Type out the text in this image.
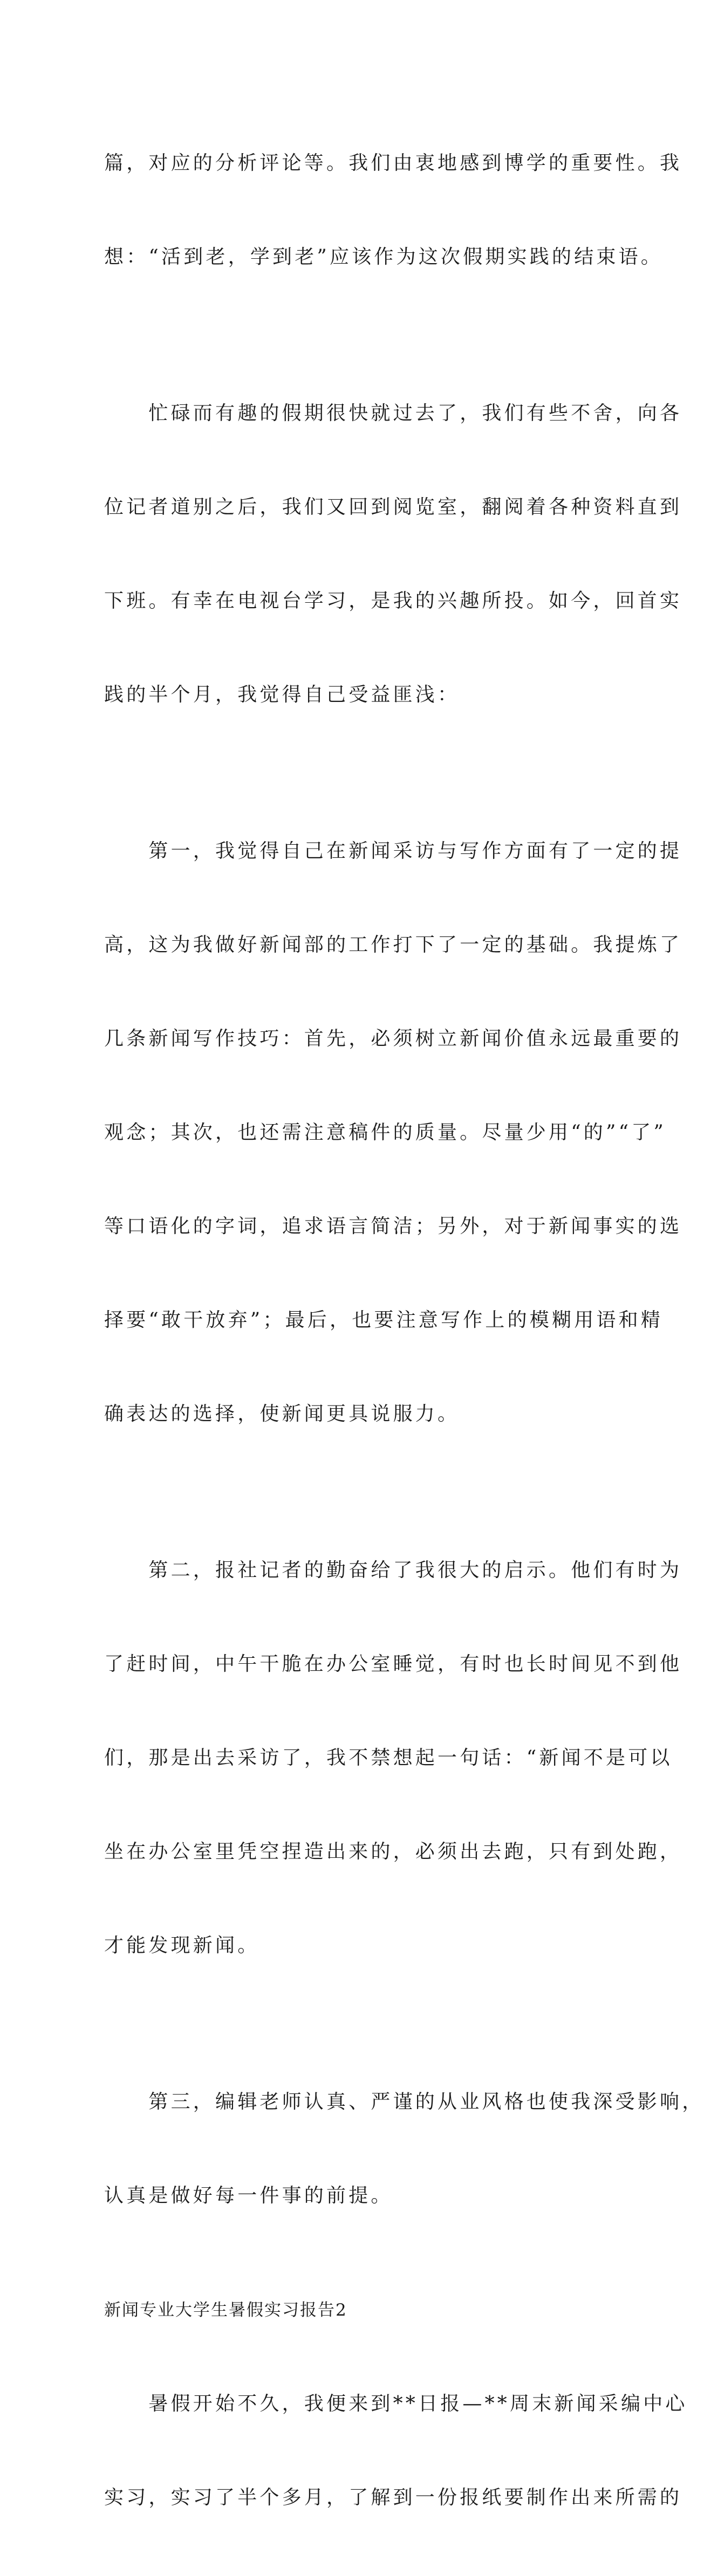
篇，对应的分析评论等。我们由衷地感到博学的重要性。我

想：“活到老，学到老”应该作为这次假期实践的结束语。

　　忙碌而有趣的假期很快就过去了，我们有些不舍，向各

位记者道别之后，我们又回到阅览室，翻阅着各种资料直到

下班。有幸在电视台学习，是我的兴趣所投。如今，回首实

践的半个月，我觉得自己受益匪浅：

　　第一，我觉得自己在新闻采访与写作方面有了一定的提

高，这为我做好新闻部的工作打下了一定的基础。我提炼了

几条新闻写作技巧：首先，必须树立新闻价值永远最重要的

观念；其次，也还需注意稿件的质量。尽量少用“的”“了”

等口语化的字词，追求语言简洁；另外，对于新闻事实的选

择要“敢干放弃”；最后，也要注意写作上的模糊用语和精

确表达的选择，使新闻更具说服力。

　　第二，报社记者的勤奋给了我很大的启示。他们有时为

了赶时间，中午干脆在办公室睡觉，有时也长时间见不到他

们，那是出去采访了，我不禁想起一句话：“新闻不是可以

坐在办公室里凭空捏造出来的，必须出去跑，只有到处跑，

才能发现新闻。

　　第三，编辑老师认真、严谨的从业风格也使我深受影响，

认真是做好每一件事的前提。

新闻专业大学生暑假实习报告2

　　暑假开始不久，我便来到**日报—**周末新闻采编中心

实习，实习了半个多月，了解到一份报纸要制作出来所需的
